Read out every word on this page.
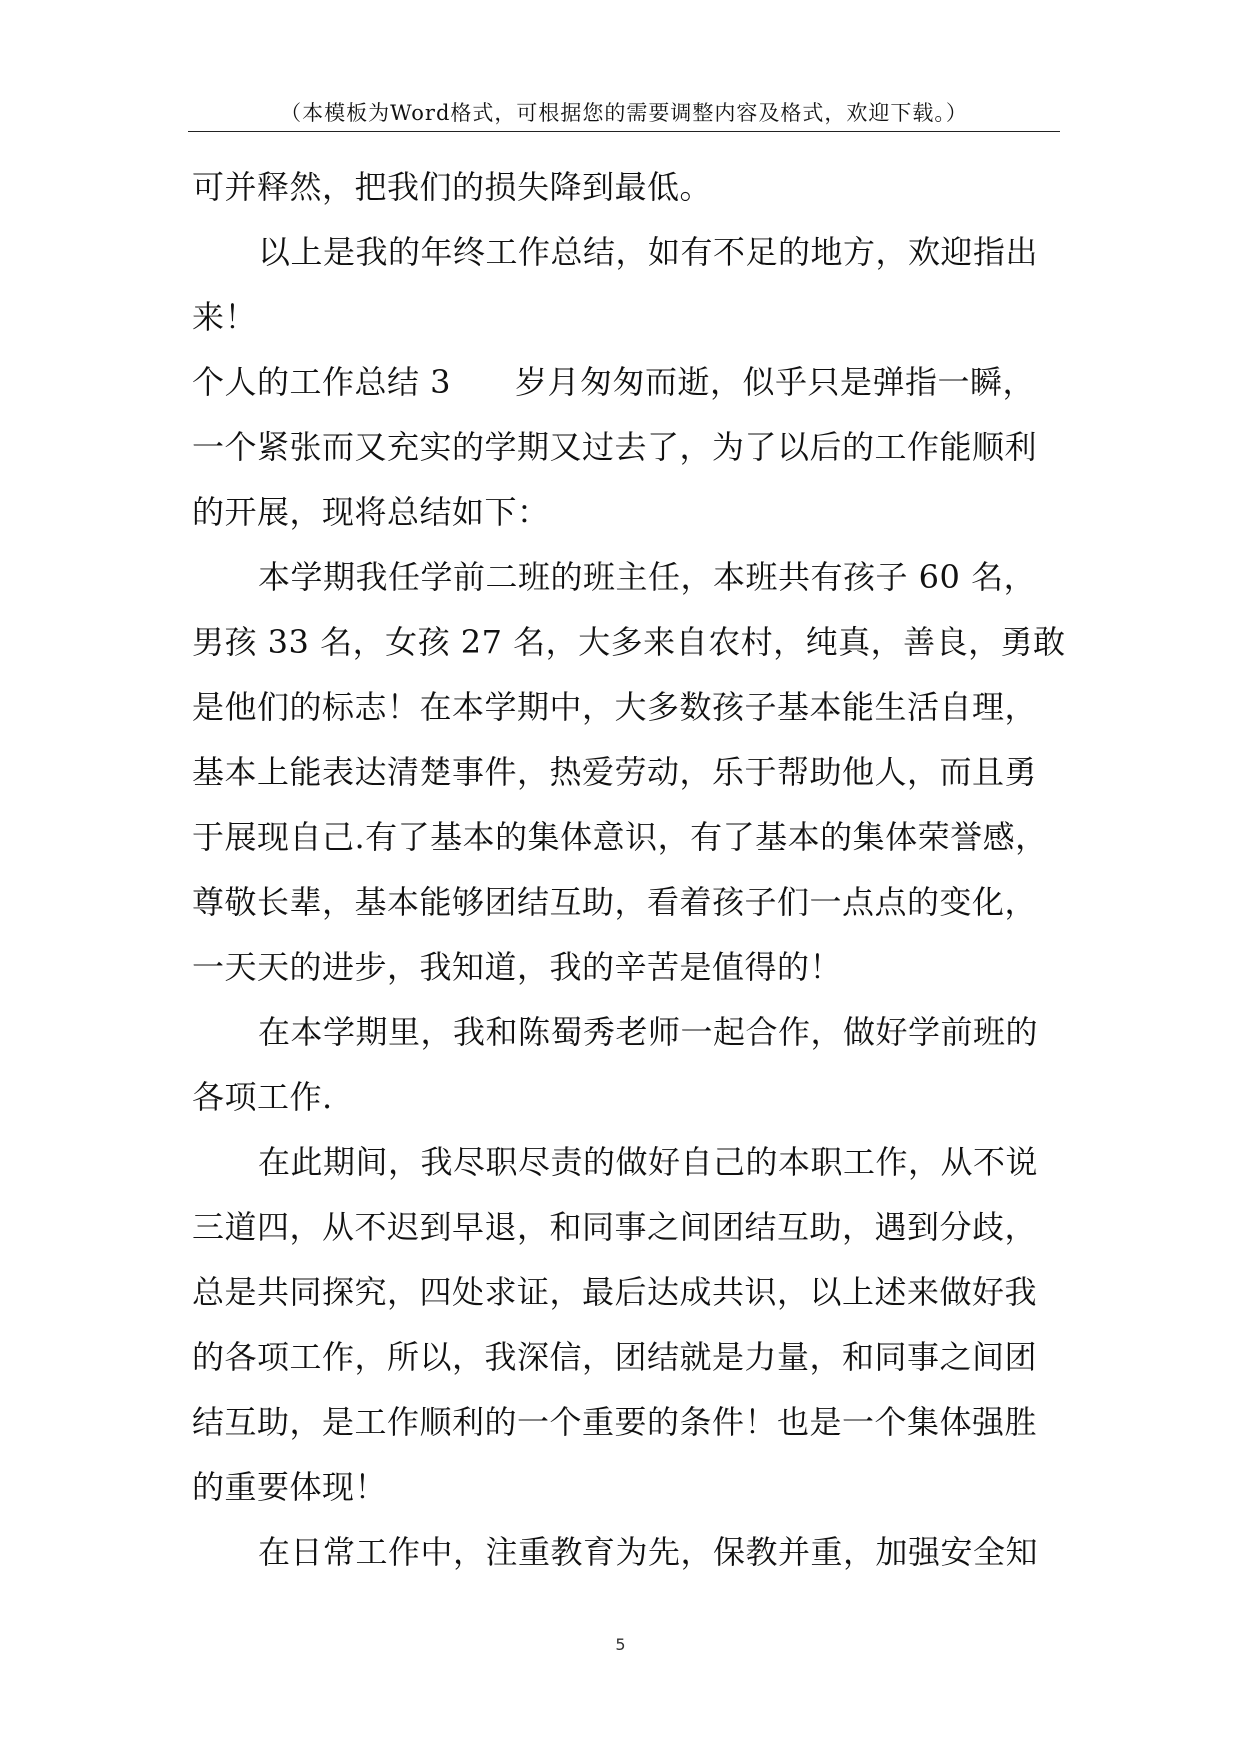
（本模板为Word格式，可根据您的需要调整内容及格式，欢迎下载。）
可并释然，把我们的损失降到最低。
以上是我的年终工作总结，如有不足的地方，欢迎指出
来！
个人的工作总结 3 岁月匆匆而逝，似乎只是弹指一瞬，
一个紧张而又充实的学期又过去了，为了以后的工作能顺利
的开展，现将总结如下：
本学期我任学前二班的班主任，本班共有孩子 60 名，
男孩 33 名，女孩 27 名，大多来自农村，纯真，善良，勇敢
是他们的标志！在本学期中，大多数孩子基本能生活自理，
基本上能表达清楚事件，热爱劳动，乐于帮助他人，而且勇
于展现自己.有了基本的集体意识，有了基本的集体荣誉感，
尊敬长辈，基本能够团结互助，看着孩子们一点点的变化，
一天天的进步，我知道，我的辛苦是值得的！
在本学期里，我和陈蜀秀老师一起合作，做好学前班的
各项工作.
在此期间，我尽职尽责的做好自己的本职工作，从不说
三道四，从不迟到早退，和同事之间团结互助，遇到分歧，
总是共同探究，四处求证，最后达成共识，以上述来做好我
的各项工作，所以，我深信，团结就是力量，和同事之间团
结互助，是工作顺利的一个重要的条件！也是一个集体强胜
的重要体现！
在日常工作中，注重教育为先，保教并重，加强安全知
5
